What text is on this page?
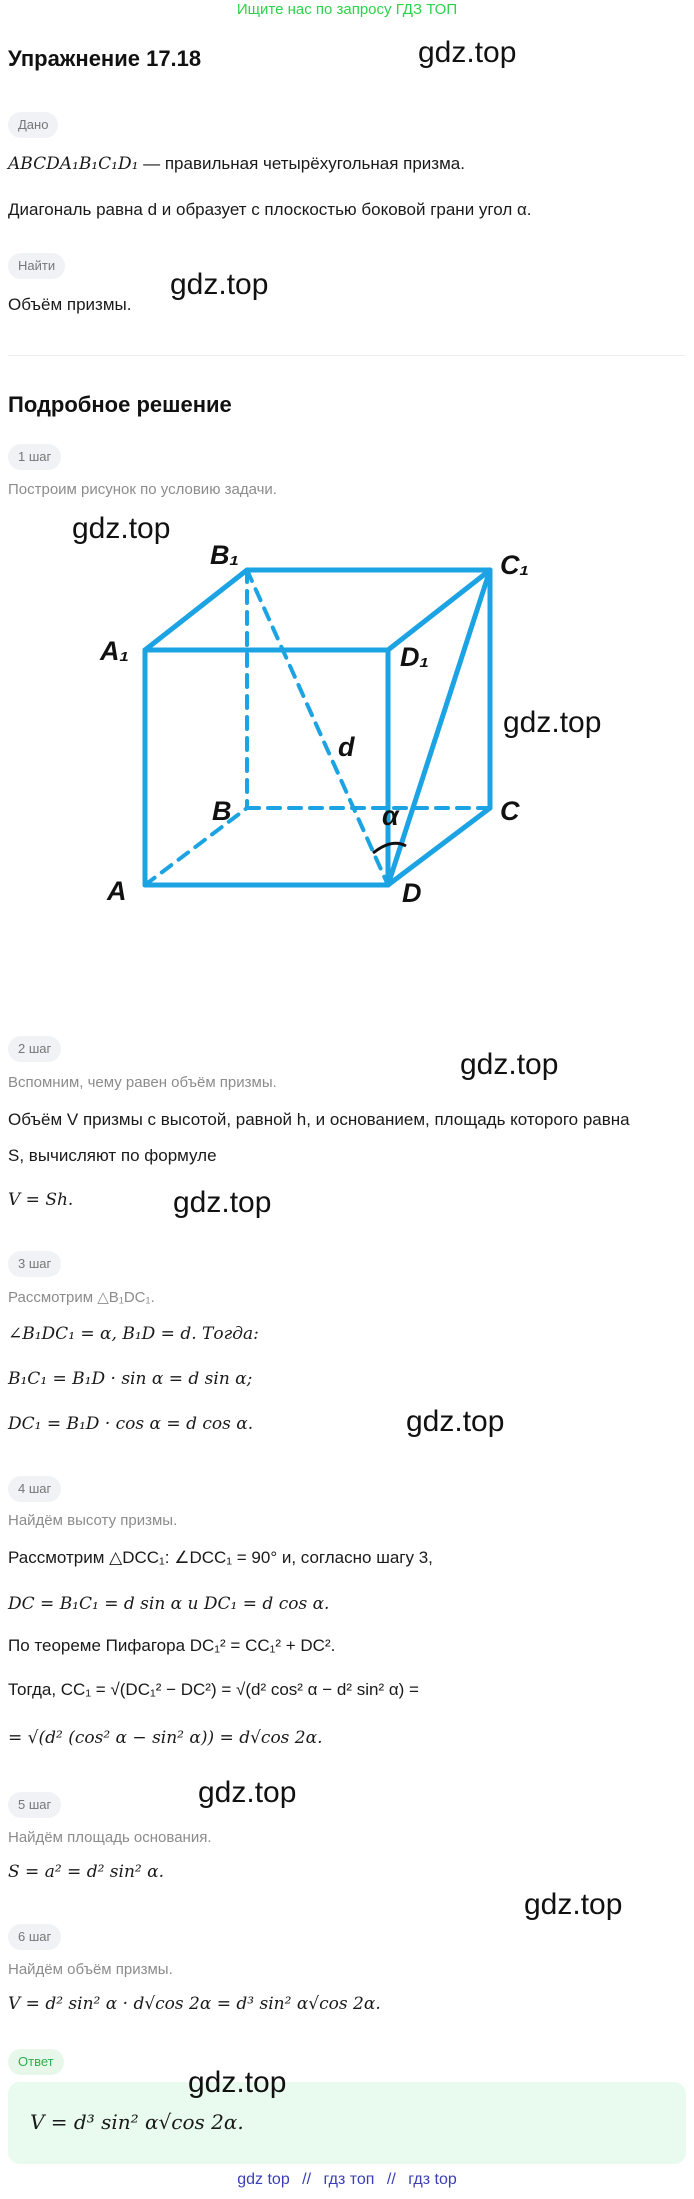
Ищите нас по запросу ГДЗ ТОП
Упражнение 17.18	gdz.top
Дано
ABCDA₁B₁C₁D₁ — правильная четырёхугольная призма.
Диагональ равна d и образует с плоскостью боковой грани угол α.
Найти
Объём призмы.
gdz.top
Подробное решение
1 шаг
Построим рисунок по условию задачи.
gdz.top
A
B	C
D
A₁
B₁	C₁
D₁
d
α
gdz.top
2 шаг	gdz.top
Вспомним, чему равен объём призмы.
Объём V призмы с высотой, равной h, и основанием, площадь которого равна
S, вычисляют по формуле
V = Sh.	gdz.top
3 шаг
Рассмотрим △B₁DC₁.
∠B₁DC₁ = α, B₁D = d. Тогда:
B₁C₁ = B₁D · sin α = d sin α;
DC₁ = B₁D · cos α = d cos α.	gdz.top
4 шаг
Найдём высоту призмы.
Рассмотрим △DCC₁: ∠DCC₁ = 90° и, согласно шагу 3,
DC = B₁C₁ = d sin α и DC₁ = d cos α.
По теореме Пифагора DC₁² = CC₁² + DC².
Тогда, CC₁ = √(DC₁² − DC²) = √(d² cos² α − d² sin² α) =
= √(d² (cos² α − sin² α)) = d√cos 2α.
gdz.top
5 шаг
Найдём площадь основания.
S = a² = d² sin² α.
gdz.top
6 шаг
Найдём объём призмы.
V = d² sin² α · d√cos 2α = d³ sin² α√cos 2α.
Ответ
gdz.top
V = d³ sin² α√cos 2α.
gdz top // гдз топ // гдз top
